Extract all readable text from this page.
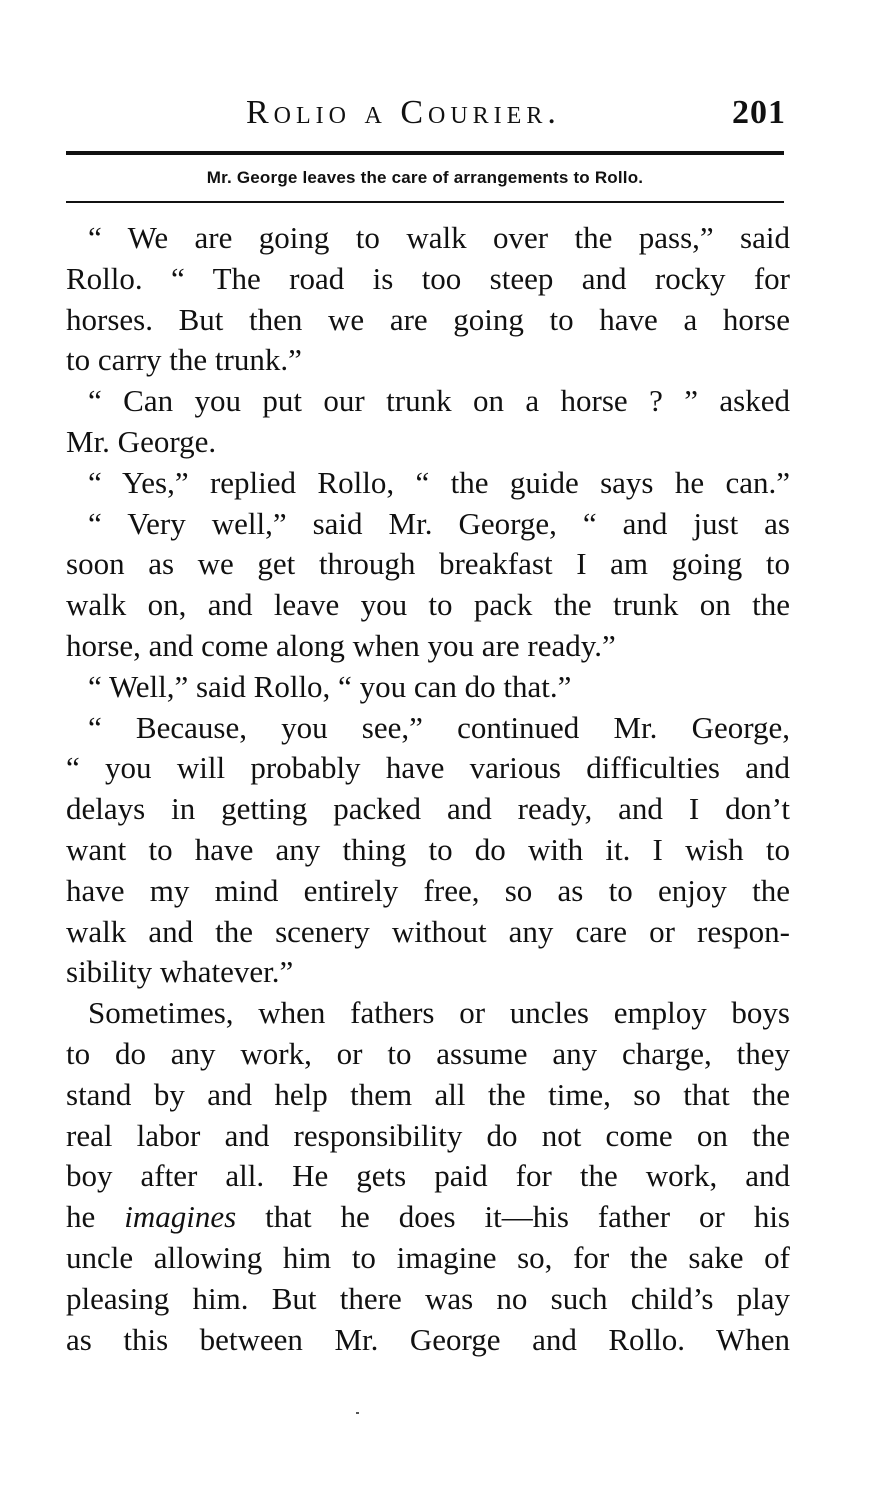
Rolio a Courier.	201
Mr. George leaves the care of arrangements to Rollo.
“ We are going to walk over the pass,” said
Rollo. “ The road is too steep and rocky for
horses. But then we are going to have a horse
to carry the trunk.”
“ Can you put our trunk on a horse ? ” asked
Mr. George.
“ Yes,” replied Rollo, “ the guide says he can.”
“ Very well,” said Mr. George, “ and just as
soon as we get through breakfast I am going to
walk on, and leave you to pack the trunk on the
horse, and come along when you are ready.”
“ Well,” said Rollo, “ you can do that.”
“ Because, you see,” continued Mr. George,
“ you will probably have various difficulties and
delays in getting packed and ready, and I don’t
want to have any thing to do with it. I wish to
have my mind entirely free, so as to enjoy the
walk and the scenery without any care or respon-
sibility whatever.”
Sometimes, when fathers or uncles employ boys
to do any work, or to assume any charge, they
stand by and help them all the time, so that the
real labor and responsibility do not come on the
boy after all. He gets paid for the work, and
he imagines that he does it—his father or his
uncle allowing him to imagine so, for the sake of
pleasing him. But there was no such child’s play
as this between Mr. George and Rollo. When
